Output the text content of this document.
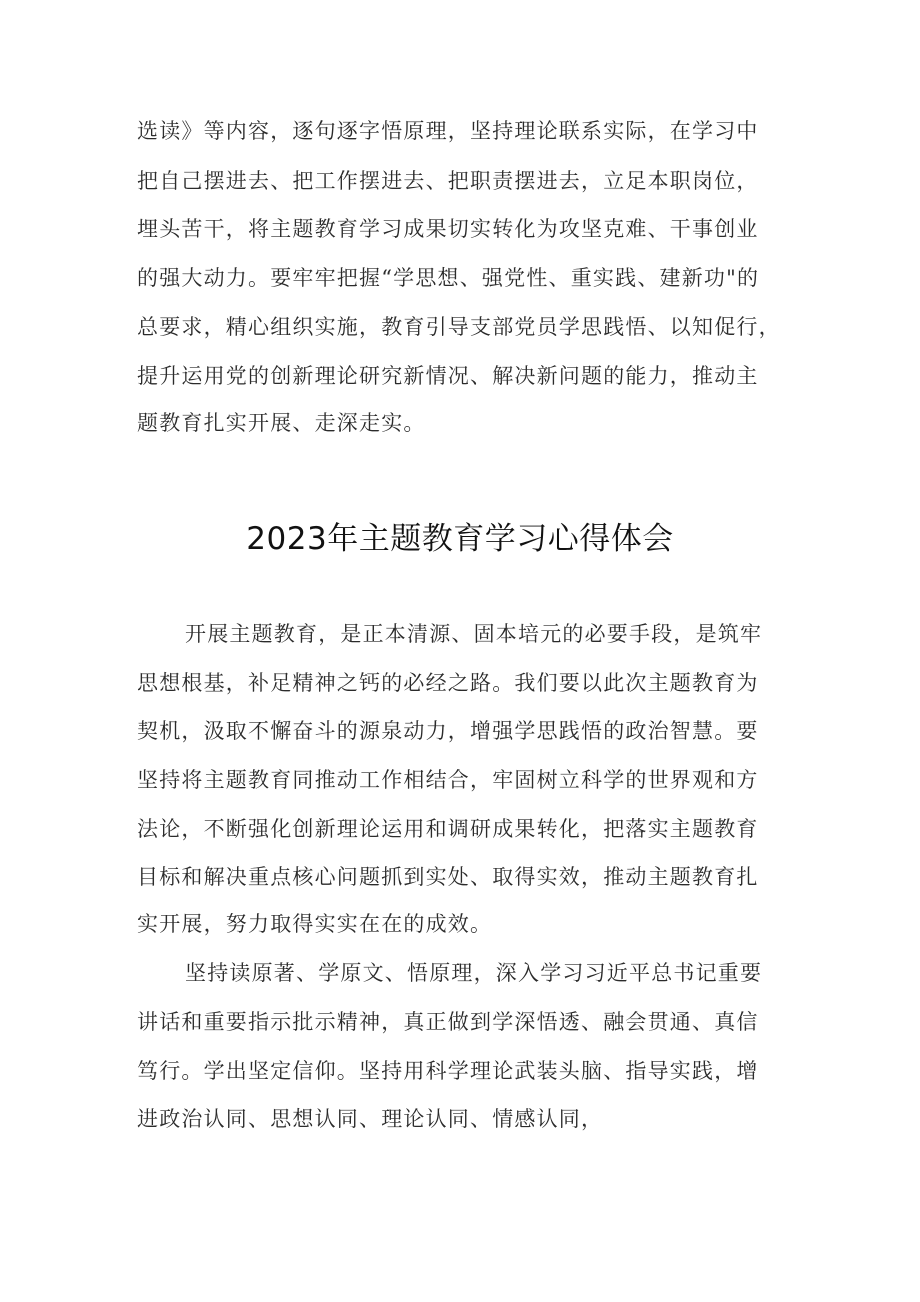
选读》等内容，逐句逐字悟原理，坚持理论联系实际，在学习中
把自己摆进去、把工作摆进去、把职责摆进去，立足本职岗位，
埋头苦干，将主题教育学习成果切实转化为攻坚克难、干事创业
的强大动力。要牢牢把握“学思想、强党性、重实践、建新功"的
总要求，精心组织实施，教育引导支部党员学思践悟、以知促行，
提升运用党的创新理论研究新情况、解决新问题的能力，推动主
题教育扎实开展、走深走实。
2023年主题教育学习心得体会
开展主题教育，是正本清源、固本培元的必要手段，是筑牢
思想根基，补足精神之钙的必经之路。我们要以此次主题教育为
契机，汲取不懈奋斗的源泉动力，增强学思践悟的政治智慧。要
坚持将主题教育同推动工作相结合，牢固树立科学的世界观和方
法论，不断强化创新理论运用和调研成果转化，把落实主题教育
目标和解决重点核心问题抓到实处、取得实效，推动主题教育扎
实开展，努力取得实实在在的成效。
坚持读原著、学原文、悟原理，深入学习习近平总书记重要
讲话和重要指示批示精神，真正做到学深悟透、融会贯通、真信
笃行。学出坚定信仰。坚持用科学理论武装头脑、指导实践，增
进政治认同、思想认同、理论认同、情感认同，
